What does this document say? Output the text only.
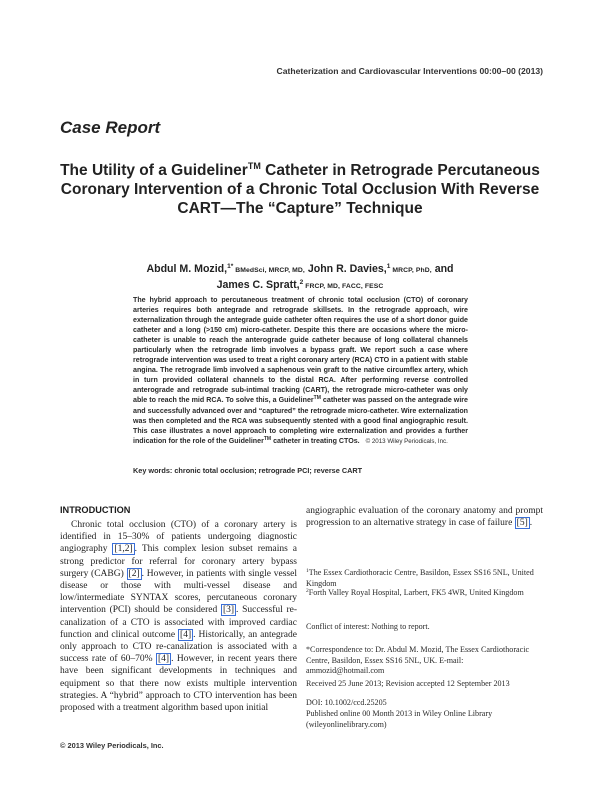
Catheterization and Cardiovascular Interventions 00:00–00 (2013)
Case Report
The Utility of a Guideliner™ Catheter in Retrograde Percutaneous Coronary Intervention of a Chronic Total Occlusion With Reverse CART—The “Capture” Technique
Abdul M. Mozid,$^{1*}$ BMedSci, MRCP, MD, John R. Davies,$^1$ MRCP, PhD, and
James C. Spratt,$^2$ FRCP, MD, FACC, FESC
The hybrid approach to percutaneous treatment of chronic total occlusion (CTO) of coronary arteries requires both antegrade and retrograde skillsets. In the retrograde approach, wire externalization through the antegrade guide catheter often requires the use of a short donor guide catheter and a long (>150 cm) micro-catheter. Despite this there are occasions where the micro-catheter is unable to reach the anterograde guide catheter because of long collateral channels particularly when the retrograde limb involves a bypass graft. We report such a case where retrograde intervention was used to treat a right coronary artery (RCA) CTO in a patient with stable angina. The retrograde limb involved a saphenous vein graft to the native circumflex artery, which in turn provided collateral channels to the distal RCA. After performing reverse controlled anterograde and retrograde sub-intimal tracking (CART), the retrograde micro-catheter was only able to reach the mid RCA. To solve this, a Guideliner™ catheter was passed on the antegrade wire and successfully advanced over and “captured” the retrograde micro-catheter. Wire externalization was then completed and the RCA was subsequently stented with a good final angiographic result. This case illustrates a novel approach to completing wire externalization and provides a further indication for the role of the Guideliner™ catheter in treating CTOs. © 2013 Wiley Periodicals, Inc.
Key words: chronic total occlusion; retrograde PCI; reverse CART
INTRODUCTION

Chronic total occlusion (CTO) of a coronary artery is identified in 15–30% of patients undergoing diagnostic angiography [1,2] . This complex lesion subset remains a strong predictor for referral for coronary artery bypass surgery (CABG) [2] . However, in patients with single vessel disease or those with multi-vessel disease and low/intermediate SYNTAX scores, percutaneous coronary intervention (PCI) should be considered [3] . Successful re-canalization of a CTO is associated with improved cardiac function and clinical outcome [4] . Historically, an antegrade only approach to CTO re-canalization is associated with a success rate of 60–70% [4] . However, in recent years there have been significant developments in techniques and equipment so that there now exists multiple intervention strategies. A “hybrid” approach to CTO intervention has been proposed with a treatment algorithm based upon initial

angiographic evaluation of the coronary anatomy and prompt progression to an alternative strategy in case of failure [5] .

$^1$The Essex Cardiothoracic Centre, Basildon, Essex SS16 5NL, United Kingdom

$^2$Forth Valley Royal Hospital, Larbert, FK5 4WR, United Kingdom

Conflict of interest: Nothing to report.

*Correspondence to: Dr. Abdul M. Mozid, The Essex Cardiothoracic Centre, Basildon, Essex SS16 5NL, UK. E-mail: ammozid@hotmail.com

Received 25 June 2013; Revision accepted 12 September 2013

DOI: 10.1002/ccd.25205

Published online 00 Month 2013 in Wiley Online Library

(wileyonlinelibrary.com)

© 2013 Wiley Periodicals, Inc.
